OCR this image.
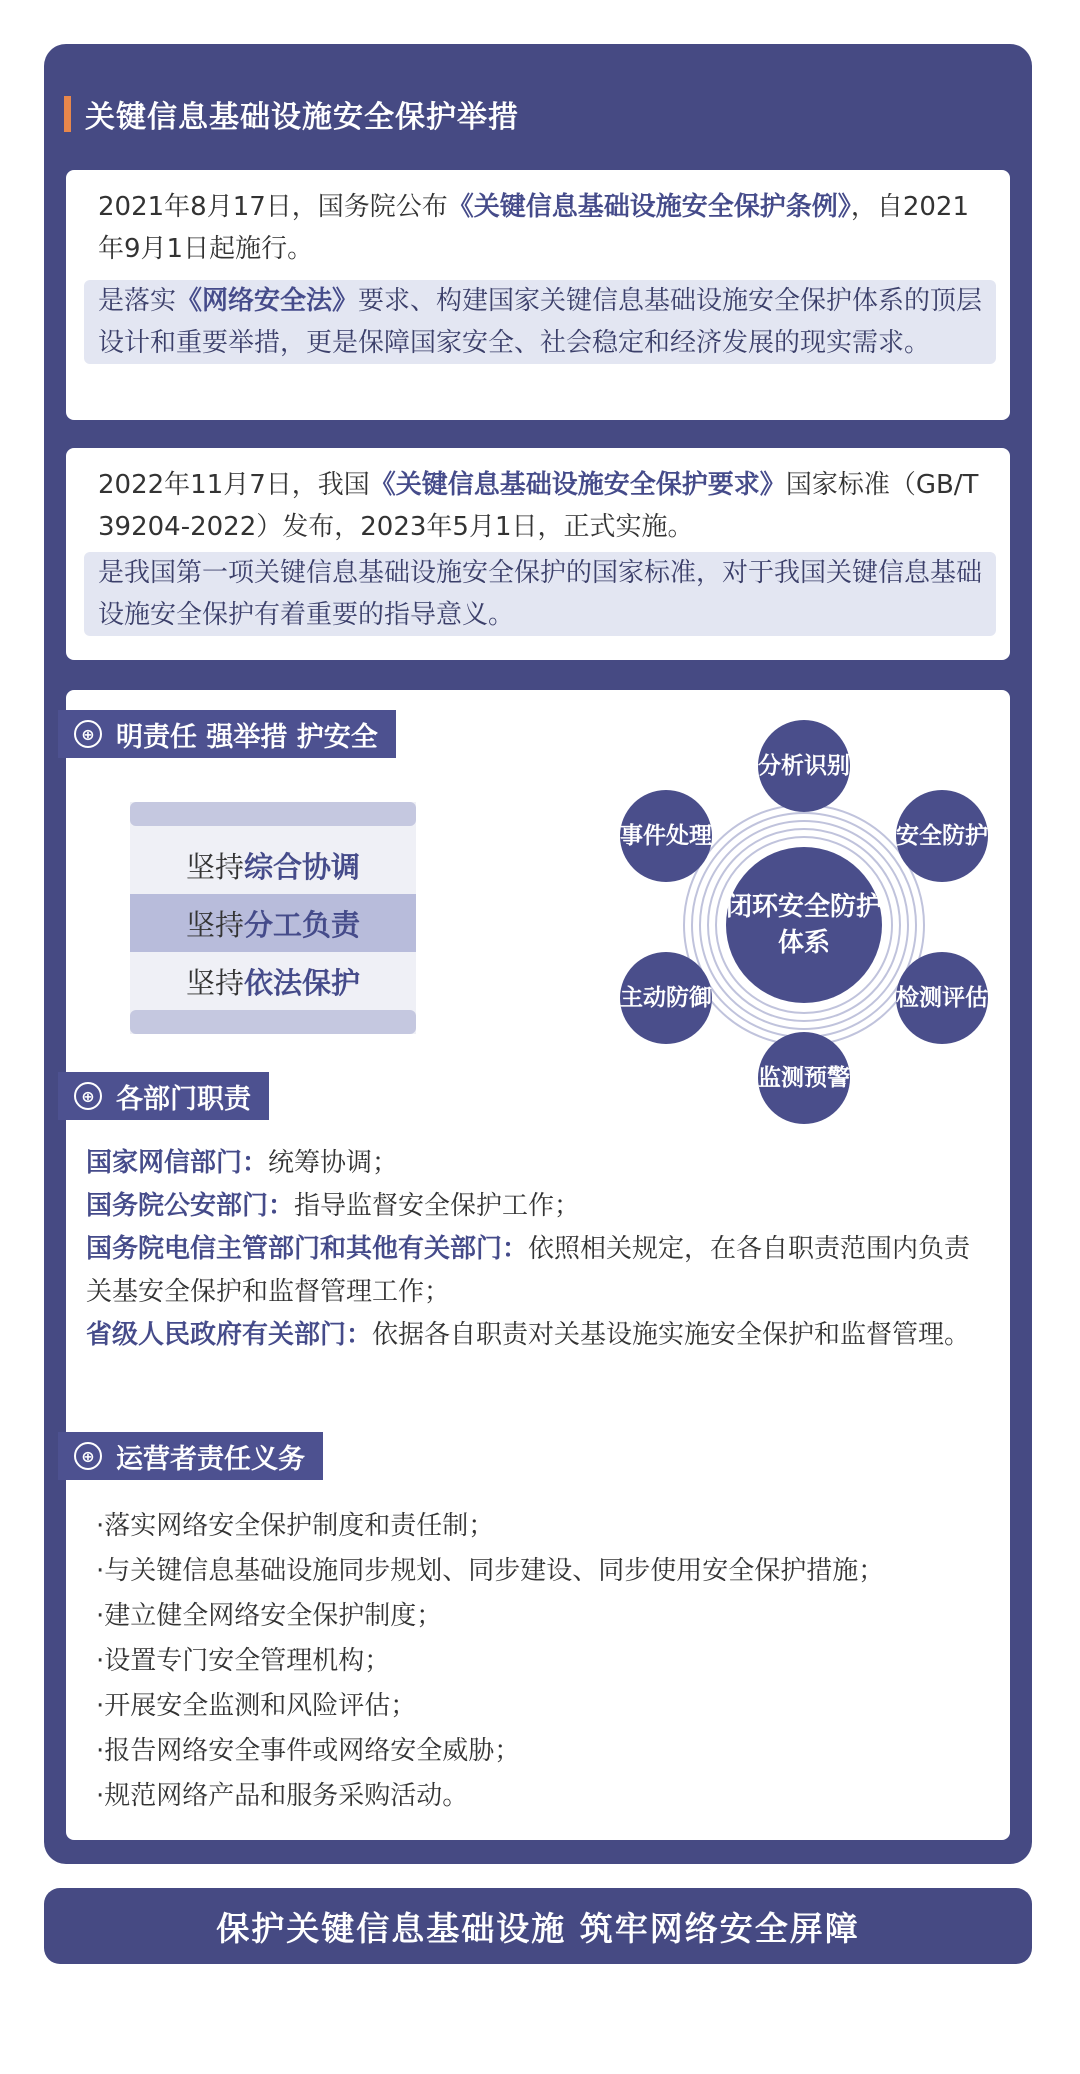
关键信息基础设施安全保护举措
2021年8月17日，国务院公布《关键信息基础设施安全保护条例》，自2021年9月1日起施行。
是落实《网络安全法》要求、构建国家关键信息基础设施安全保护体系的顶层设计和重要举措，更是保障国家安全、社会稳定和经济发展的现实需求。
2022年11月7日，我国《关键信息基础设施安全保护要求》国家标准（GB/T 39204-2022）发布，2023年5月1日，正式实施。
是我国第一项关键信息基础设施安全保护的国家标准，对于我国关键信息基础设施安全保护有着重要的指导意义。
⊕ 明责任 强举措 护安全
坚持 综合协调
坚持 分工负责
坚持 依法保护
闭环安全防护体系
分析识别
安全防护
检测评估
监测预警
主动防御
事件处理
⊕ 各部门职责
国家网信部门：统筹协调；
国务院公安部门：指导监督安全保护工作；
国务院电信主管部门和其他有关部门：依照相关规定，在各自职责范围内负责关基安全保护和监督管理工作；
省级人民政府有关部门：依据各自职责对关基设施实施安全保护和监督管理。
⊕ 运营者责任义务
·落实网络安全保护制度和责任制；
·与关键信息基础设施同步规划、同步建设、同步使用安全保护措施；
·建立健全网络安全保护制度；
·设置专门安全管理机构；
·开展安全监测和风险评估；
·报告网络安全事件或网络安全威胁；
·规范网络产品和服务采购活动。
保护关键信息基础设施 筑牢网络安全屏障
